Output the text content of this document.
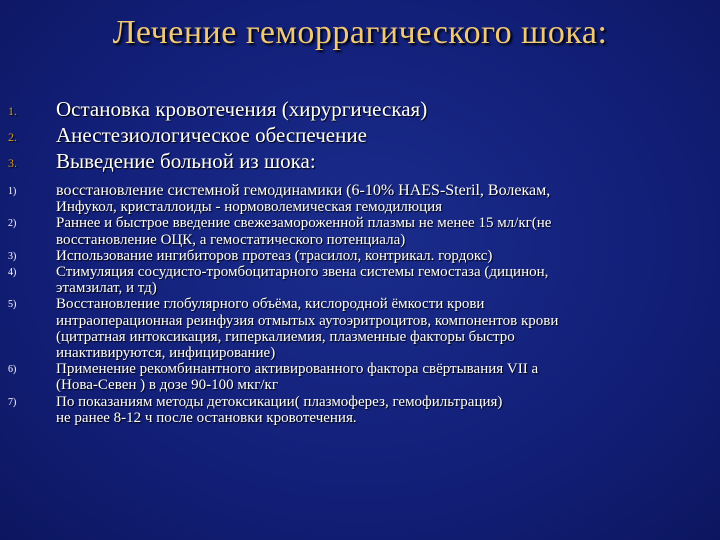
Лечение геморрагического шока:
1.	Остановка кровотечения (хирургическая)
2.	Анестезиологическое обеспечение
3.	Выведение больной из шока:
1)	восстановление системной гемодинамики (6-10% HAES-Steril, Волекам,
Инфукол, кристаллоиды - нормоволемическая гемодилюция
2)	Раннее и быстрое введение свежезамороженной плазмы не менее 15 мл/кг(не
восстановление ОЦК, а гемостатического потенциала)
3)	Использование ингибиторов протеаз (трасилол, контрикал. гордокс)
4)	Стимуляция сосудисто-тромбоцитарного звена системы гемостаза (дицинон,
этамзилат, и тд)
5)	Восстановление глобулярного объёма, кислородной ёмкости крови
интраоперационная реинфузия отмытых аутоэритроцитов, компонентов крови
(цитратная интоксикация, гиперкалиемия, плазменные факторы быстро
инактивируются, инфицирование)
6)	Применение рекомбинантного активированного фактора свёртывания VII а
(Нова-Севен ) в дозе 90-100 мкг/кг
7)	По показаниям методы детоксикации( плазмоферез, гемофильтрация)
не ранее 8-12 ч после остановки кровотечения.
